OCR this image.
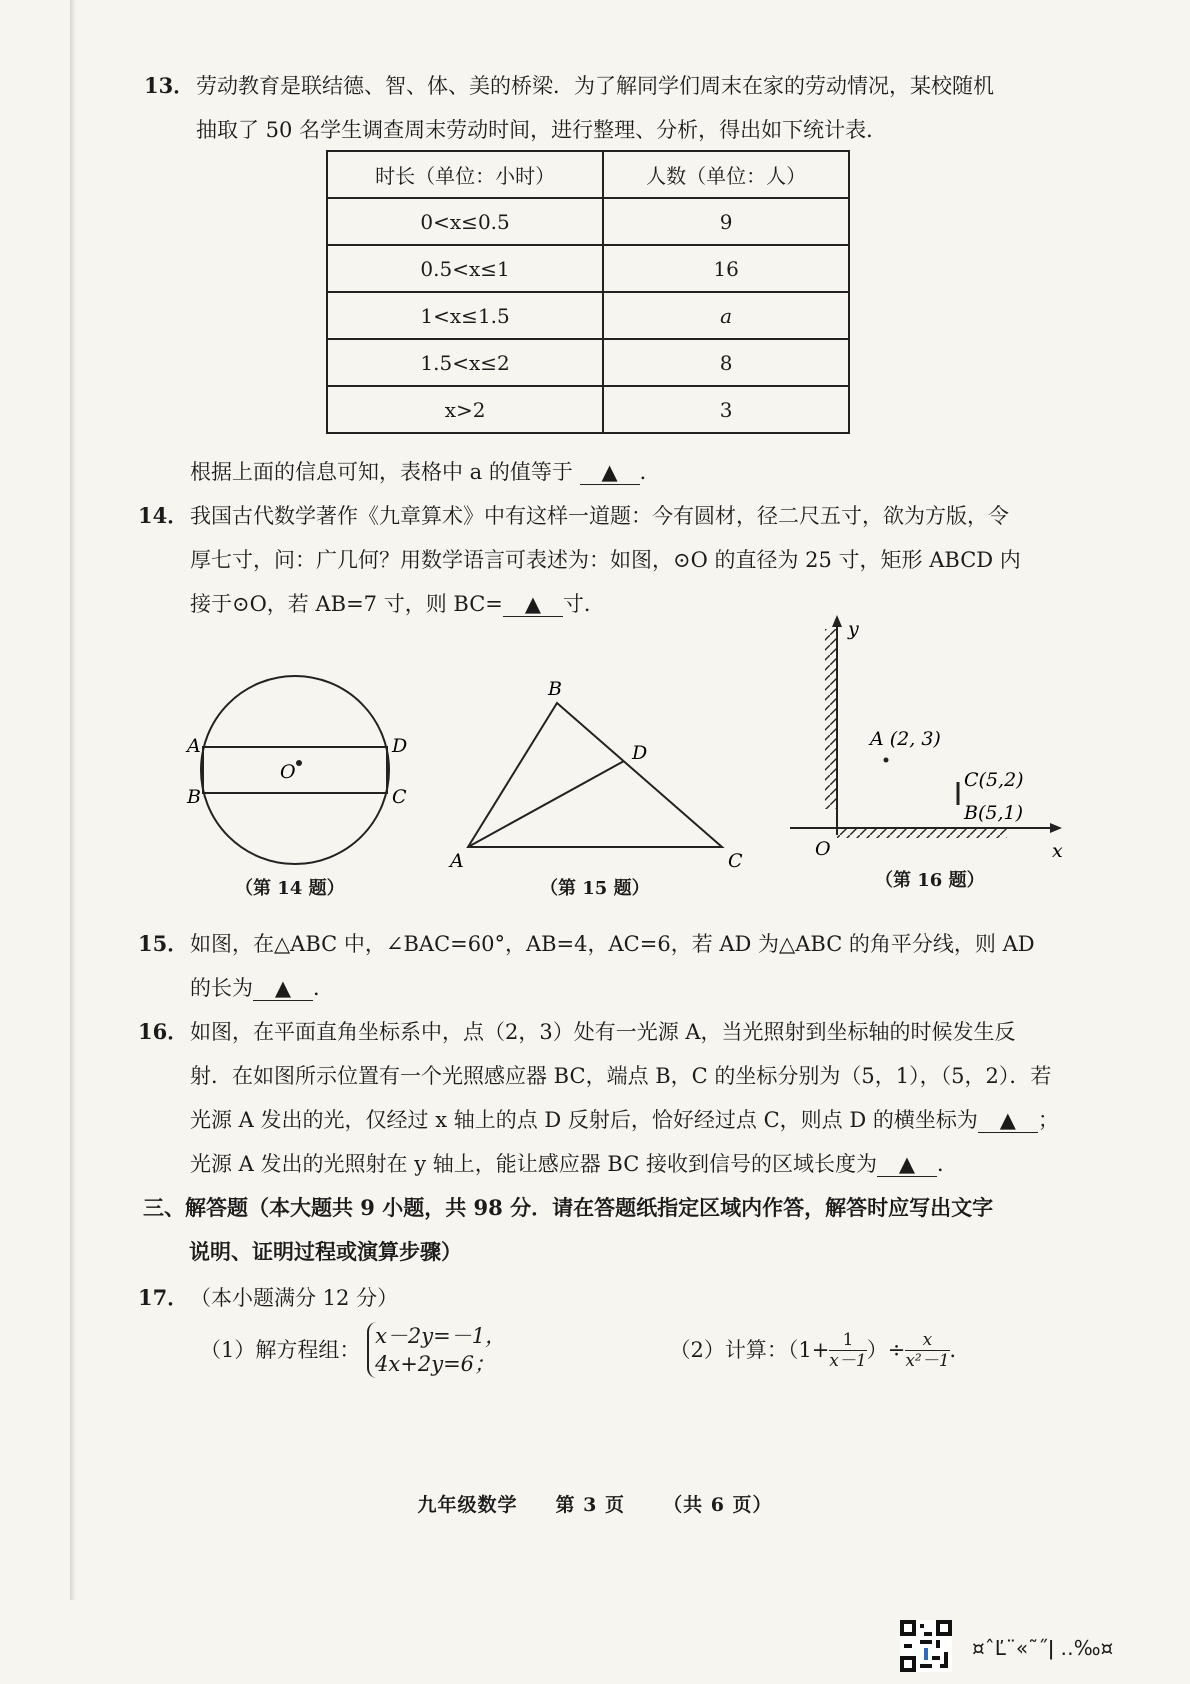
13． 劳动教育是联结德、智、体、美的桥梁．为了解同学们周末在家的劳动情况，某校随机
抽取了 50 名学生调查周末劳动时间，进行整理、分析，得出如下统计表．
时长（单位：小时）	人数（单位：人）
0<x≤0.5	9
0.5<x≤1	16
1<x≤1.5	a
1.5<x≤2	8
x>2	3
根据上面的信息可知，表格中 a 的值等于 ▲ ．
14． 我国古代数学著作《九章算术》中有这样一道题：今有圆材，径二尺五寸，欲为方版，令
厚七寸，问：广几何？用数学语言可表述为：如图，⊙O 的直径为 25 寸，矩形 ABCD 内
接于⊙O，若 AB=7 寸，则 BC= ▲ 寸．
A
B	C
D
O
（第 14 题）
A
B
C
D
（第 15 题）
y
x
O
A (2, 3)
C(5,2)
B(5,1)
（第 16 题）
15． 如图，在△ABC 中，∠BAC=60°，AB=4，AC=6，若 AD 为△ABC 的角平分线，则 AD
的长为 ▲ ．
16． 如图，在平面直角坐标系中，点（2，3）处有一光源 A，当光照射到坐标轴的时候发生反
射．在如图所示位置有一个光照感应器 BC，端点 B，C 的坐标分别为（5，1），（5，2）．若
光源 A 发出的光，仅经过 x 轴上的点 D 反射后，恰好经过点 C，则点 D 的横坐标为 ▲ ；
光源 A 发出的光照射在 y 轴上，能让感应器 BC 接收到信号的区域长度为 ▲ ．
三、解答题（本大题共 9 小题，共 98 分．请在答题纸指定区域内作答，解答时应写出文字
说明、证明过程或演算步骤）
17． （本小题满分 12 分）
（1）解方程组：
x－2y=－1，
4x+2y=6；
（2）计算：（$1+ \frac{1}{x-1}$ ）÷ $\frac{x}{\text{x²－1}}$ ．
九年级数学 第 3 页 （共 6 页）
¤ˆĽ¨«˜˝ǀ ‥‰¤
